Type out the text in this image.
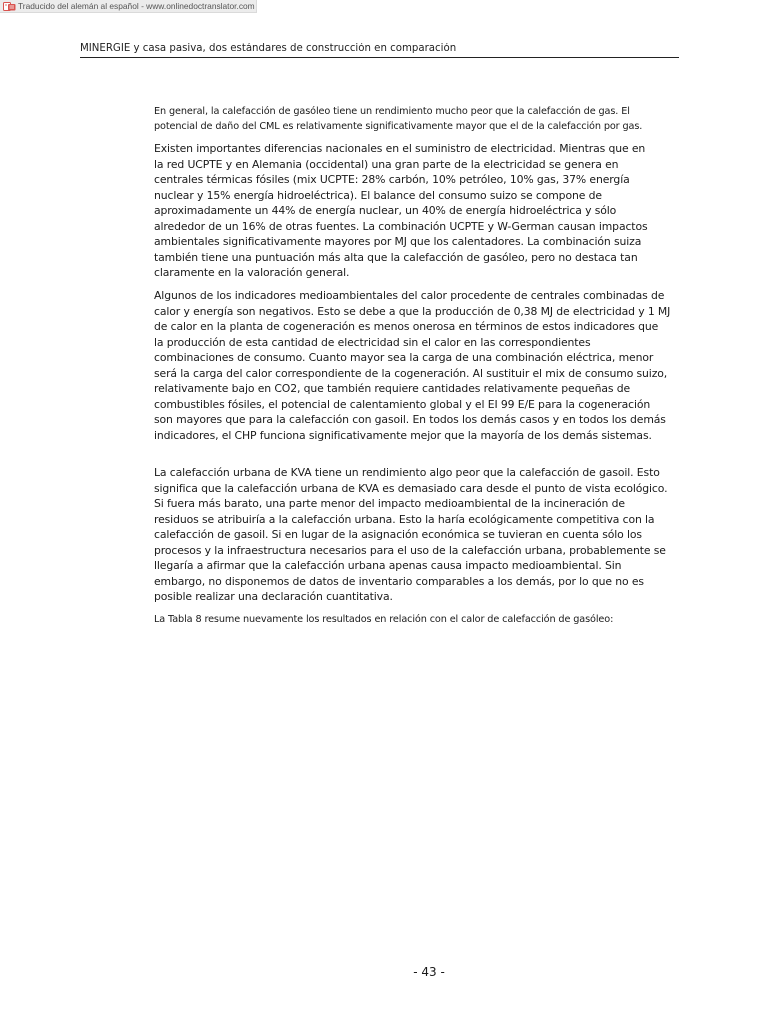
Traducido del alemán al español - www.onlinedoctranslator.com
MINERGIE y casa pasiva, dos estándares de construcción en comparación

En general, la calefacción de gasóleo tiene un rendimiento mucho peor que la calefacción de gas. El
potencial de daño del CML es relativamente significativamente mayor que el de la calefacción por gas.

Existen importantes diferencias nacionales en el suministro de electricidad. Mientras que en
la red UCPTE y en Alemania (occidental) una gran parte de la electricidad se genera en
centrales térmicas fósiles (mix UCPTE: 28% carbón, 10% petróleo, 10% gas, 37% energía
nuclear y 15% energía hidroeléctrica). El balance del consumo suizo se compone de
aproximadamente un 44% de energía nuclear, un 40% de energía hidroeléctrica y sólo
alrededor de un 16% de otras fuentes. La combinación UCPTE y W-German causan impactos
ambientales significativamente mayores por MJ que los calentadores. La combinación suiza
también tiene una puntuación más alta que la calefacción de gasóleo, pero no destaca tan
claramente en la valoración general.

Algunos de los indicadores medioambientales del calor procedente de centrales combinadas de
calor y energía son negativos. Esto se debe a que la producción de 0,38 MJ de electricidad y 1 MJ
de calor en la planta de cogeneración es menos onerosa en términos de estos indicadores que
la producción de esta cantidad de electricidad sin el calor en las correspondientes
combinaciones de consumo. Cuanto mayor sea la carga de una combinación eléctrica, menor
será la carga del calor correspondiente de la cogeneración. Al sustituir el mix de consumo suizo,
relativamente bajo en CO2, que también requiere cantidades relativamente pequeñas de
combustibles fósiles, el potencial de calentamiento global y el EI 99 E/E para la cogeneración
son mayores que para la calefacción con gasoil. En todos los demás casos y en todos los demás
indicadores, el CHP funciona significativamente mejor que la mayoría de los demás sistemas.

La calefacción urbana de KVA tiene un rendimiento algo peor que la calefacción de gasoil. Esto
significa que la calefacción urbana de KVA es demasiado cara desde el punto de vista ecológico.
Si fuera más barato, una parte menor del impacto medioambiental de la incineración de
residuos se atribuiría a la calefacción urbana. Esto la haría ecológicamente competitiva con la
calefacción de gasoil. Si en lugar de la asignación económica se tuvieran en cuenta sólo los
procesos y la infraestructura necesarios para el uso de la calefacción urbana, probablemente se
llegaría a afirmar que la calefacción urbana apenas causa impacto medioambiental. Sin
embargo, no disponemos de datos de inventario comparables a los demás, por lo que no es
posible realizar una declaración cuantitativa.

La Tabla 8 resume nuevamente los resultados en relación con el calor de calefacción de gasóleo:

- 43 -
